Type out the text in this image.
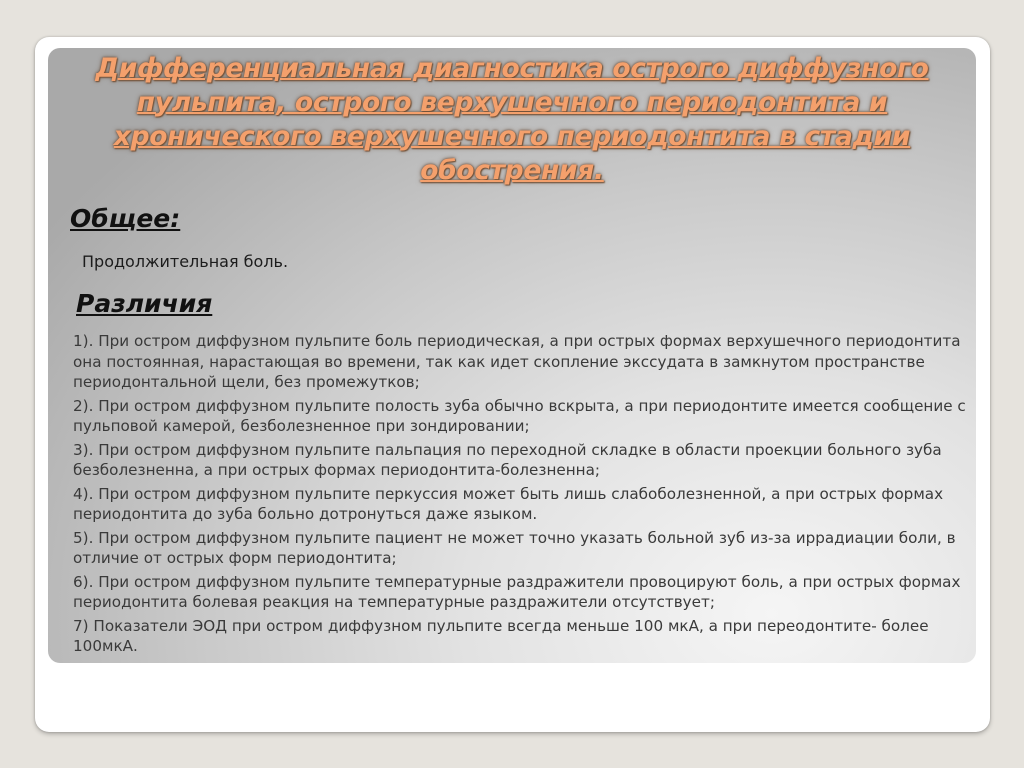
Дифференциальная диагностика острого диффузного пульпита, острого верхушечного периодонтита и хронического верхушечного периодонтита в стадии обострения.
Общее:

Продолжительная боль.

Различия
1). При остром диффузном пульпите боль периодическая, а при острых формах верхушечного периодонтита она постоянная, нарастающая во времени, так как идет скопление экссудата в замкнутом пространстве периодонтальной щели, без промежутков;
2). При остром диффузном пульпите полость зуба обычно вскрыта, а при периодонтите имеется сообщение с пульповой камерой, безболезненное при зондировании;
3). При остром диффузном пульпите пальпация по переходной складке в области проекции больного зуба безболезненна, а при острых формах периодонтита-болезненна;
4). При остром диффузном пульпите перкуссия может быть лишь слабоболезненной, а при острых формах периодонтита до зуба больно дотронуться даже языком.
5). При остром диффузном пульпите пациент не может точно указать больной зуб из-за иррадиации боли, в отличие от острых форм периодонтита;
6). При остром диффузном пульпите температурные раздражители провоцируют боль, а при острых формах периодонтита болевая реакция на температурные раздражители отсутствует;
7) Показатели ЭОД при остром диффузном пульпите всегда меньше 100 мкА, а при переодонтите- более 100мкА.
